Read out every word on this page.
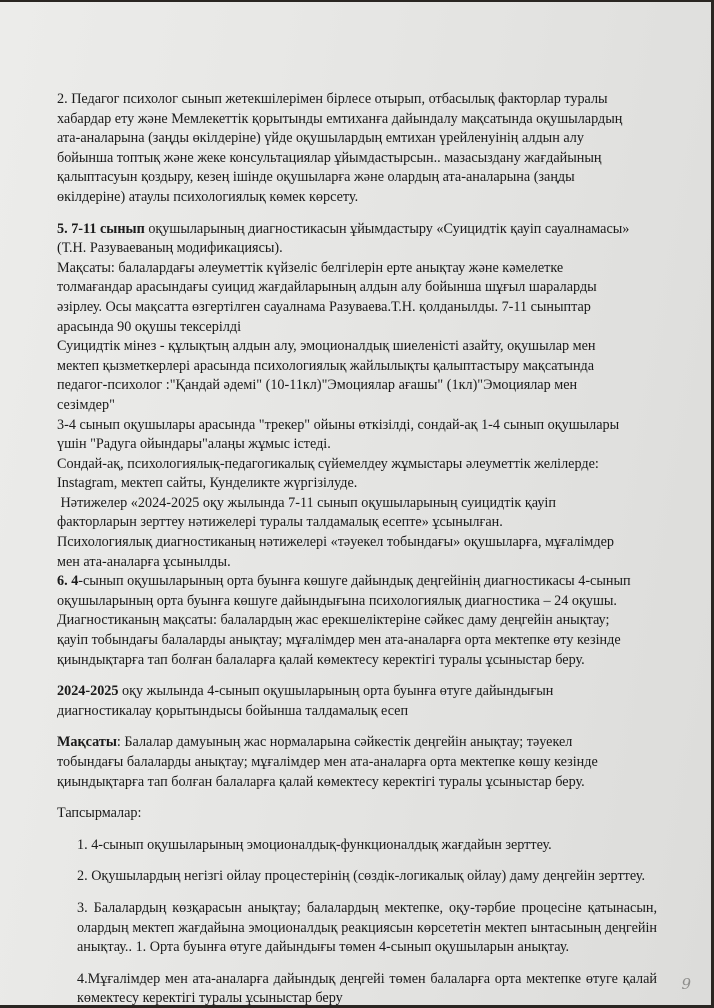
2. Педагог психолог сынып жетекшілерімен бірлесе отырып, отбасылық факторлар туралы
хабардар ету және Мемлекеттік қорытынды емтиханға дайындалу мақсатында оқушылардың
ата-аналарына (заңды өкілдеріне) үйде оқушылардың емтихан үрейленуінің алдын алу
бойынша топтық және жеке консультациялар ұйымдастырсын.. мазасыздану жағдайының
қалыптасуын қоздыру, кезең ішінде оқушыларға және олардың ата-аналарына (заңды
өкілдеріне) атаулы психологиялық көмек көрсету.
5. 7-11 сынып оқушыларының диагностикасын ұйымдастыру «Суицидтік қауіп сауалнамасы»
(Т.Н. Разуваеваның модификациясы).
Мақсаты: балалардағы әлеуметтік күйзеліс белгілерін ерте анықтау және кәмелетке
толмағандар арасындағы суицид жағдайларының алдын алу бойынша шұғыл шараларды
әзірлеу. Осы мақсатта өзгертілген сауалнама Разуваева.Т.Н. қолданылды. 7-11 сыныптар
арасында 90 оқушы тексерілді
Суицидтік мінез - құлықтың алдын алу, эмоционалдық шиеленісті азайту, оқушылар мен
мектеп қызметкерлері арасында психологиялық жайлылықты қалыптастыру мақсатында
педагог-психолог :"Қандай әдемі" (10-11кл)"Эмоциялар ағашы" (1кл)"Эмоциялар мен
сезімдер"
3-4 сынып оқушылары арасында "трекер" ойыны өткізілді, сондай-ақ 1-4 сынып оқушылары
үшін "Радуга ойындары"алаңы жұмыс істеді.
Сондай-ақ, психологиялық-педагогикалық сүйемелдеу жұмыстары әлеуметтік желілерде:
Instagram, мектеп сайты, Кунделикте жүргізілуде.
Нәтижелер «2024-2025 оқу жылында 7-11 сынып оқушыларының суицидтік қауіп
факторларын зерттеу нәтижелері туралы талдамалық есепте» ұсынылған.
Психологиялық диагностиканың нәтижелері «тәуекел тобындағы» оқушыларға, мұғалімдер
мен ата-аналарға ұсынылды.
6. 4-сынып оқушыларының орта буынға көшуге дайындық деңгейінің диагностикасы 4-сынып
оқушыларының орта буынға көшуге дайындығына психологиялық диагностика – 24 оқушы.
Диагностиканың мақсаты: балалардың жас ерекшеліктеріне сәйкес даму деңгейін анықтау;
қауіп тобындағы балаларды анықтау; мұғалімдер мен ата-аналарға орта мектепке өту кезінде
қиындықтарға тап болған балаларға қалай көмектесу керектігі туралы ұсыныстар беру.
2024-2025 оқу жылында 4-сынып оқушыларының орта буынға өтуге дайындығын
диагностикалау қорытындысы бойынша талдамалық есеп
Мақсаты: Балалар дамуының жас нормаларына сәйкестік деңгейін анықтау; тәуекел
тобындағы балаларды анықтау; мұғалімдер мен ата-аналарға орта мектепке көшу кезінде
қиындықтарға тап болған балаларға қалай көмектесу керектігі туралы ұсыныстар беру.
Тапсырмалар:

1. 4-сынып оқушыларының эмоционалдық-функционалдық жағдайын зерттеу.

2. Оқушылардың негізгі ойлау процестерінің (сөздік-логикалық ойлау) даму деңгейін зерттеу.

3. Балалардың көзқарасын анықтау; балалардың мектепке, оқу-тәрбие процесіне қатынасын, олардың мектеп жағдайына эмоционалдық реакциясын көрсететін мектеп ынтасының деңгейін анықтау.. 1. Орта буынға өтуге дайындығы төмен 4-сынып оқушыларын анықтау.

4.Мұғалімдер мен ата-аналарға дайындық деңгейі төмен балаларға орта мектепке өтуге қалай көмектесу керектігі туралы ұсыныстар беру

9
